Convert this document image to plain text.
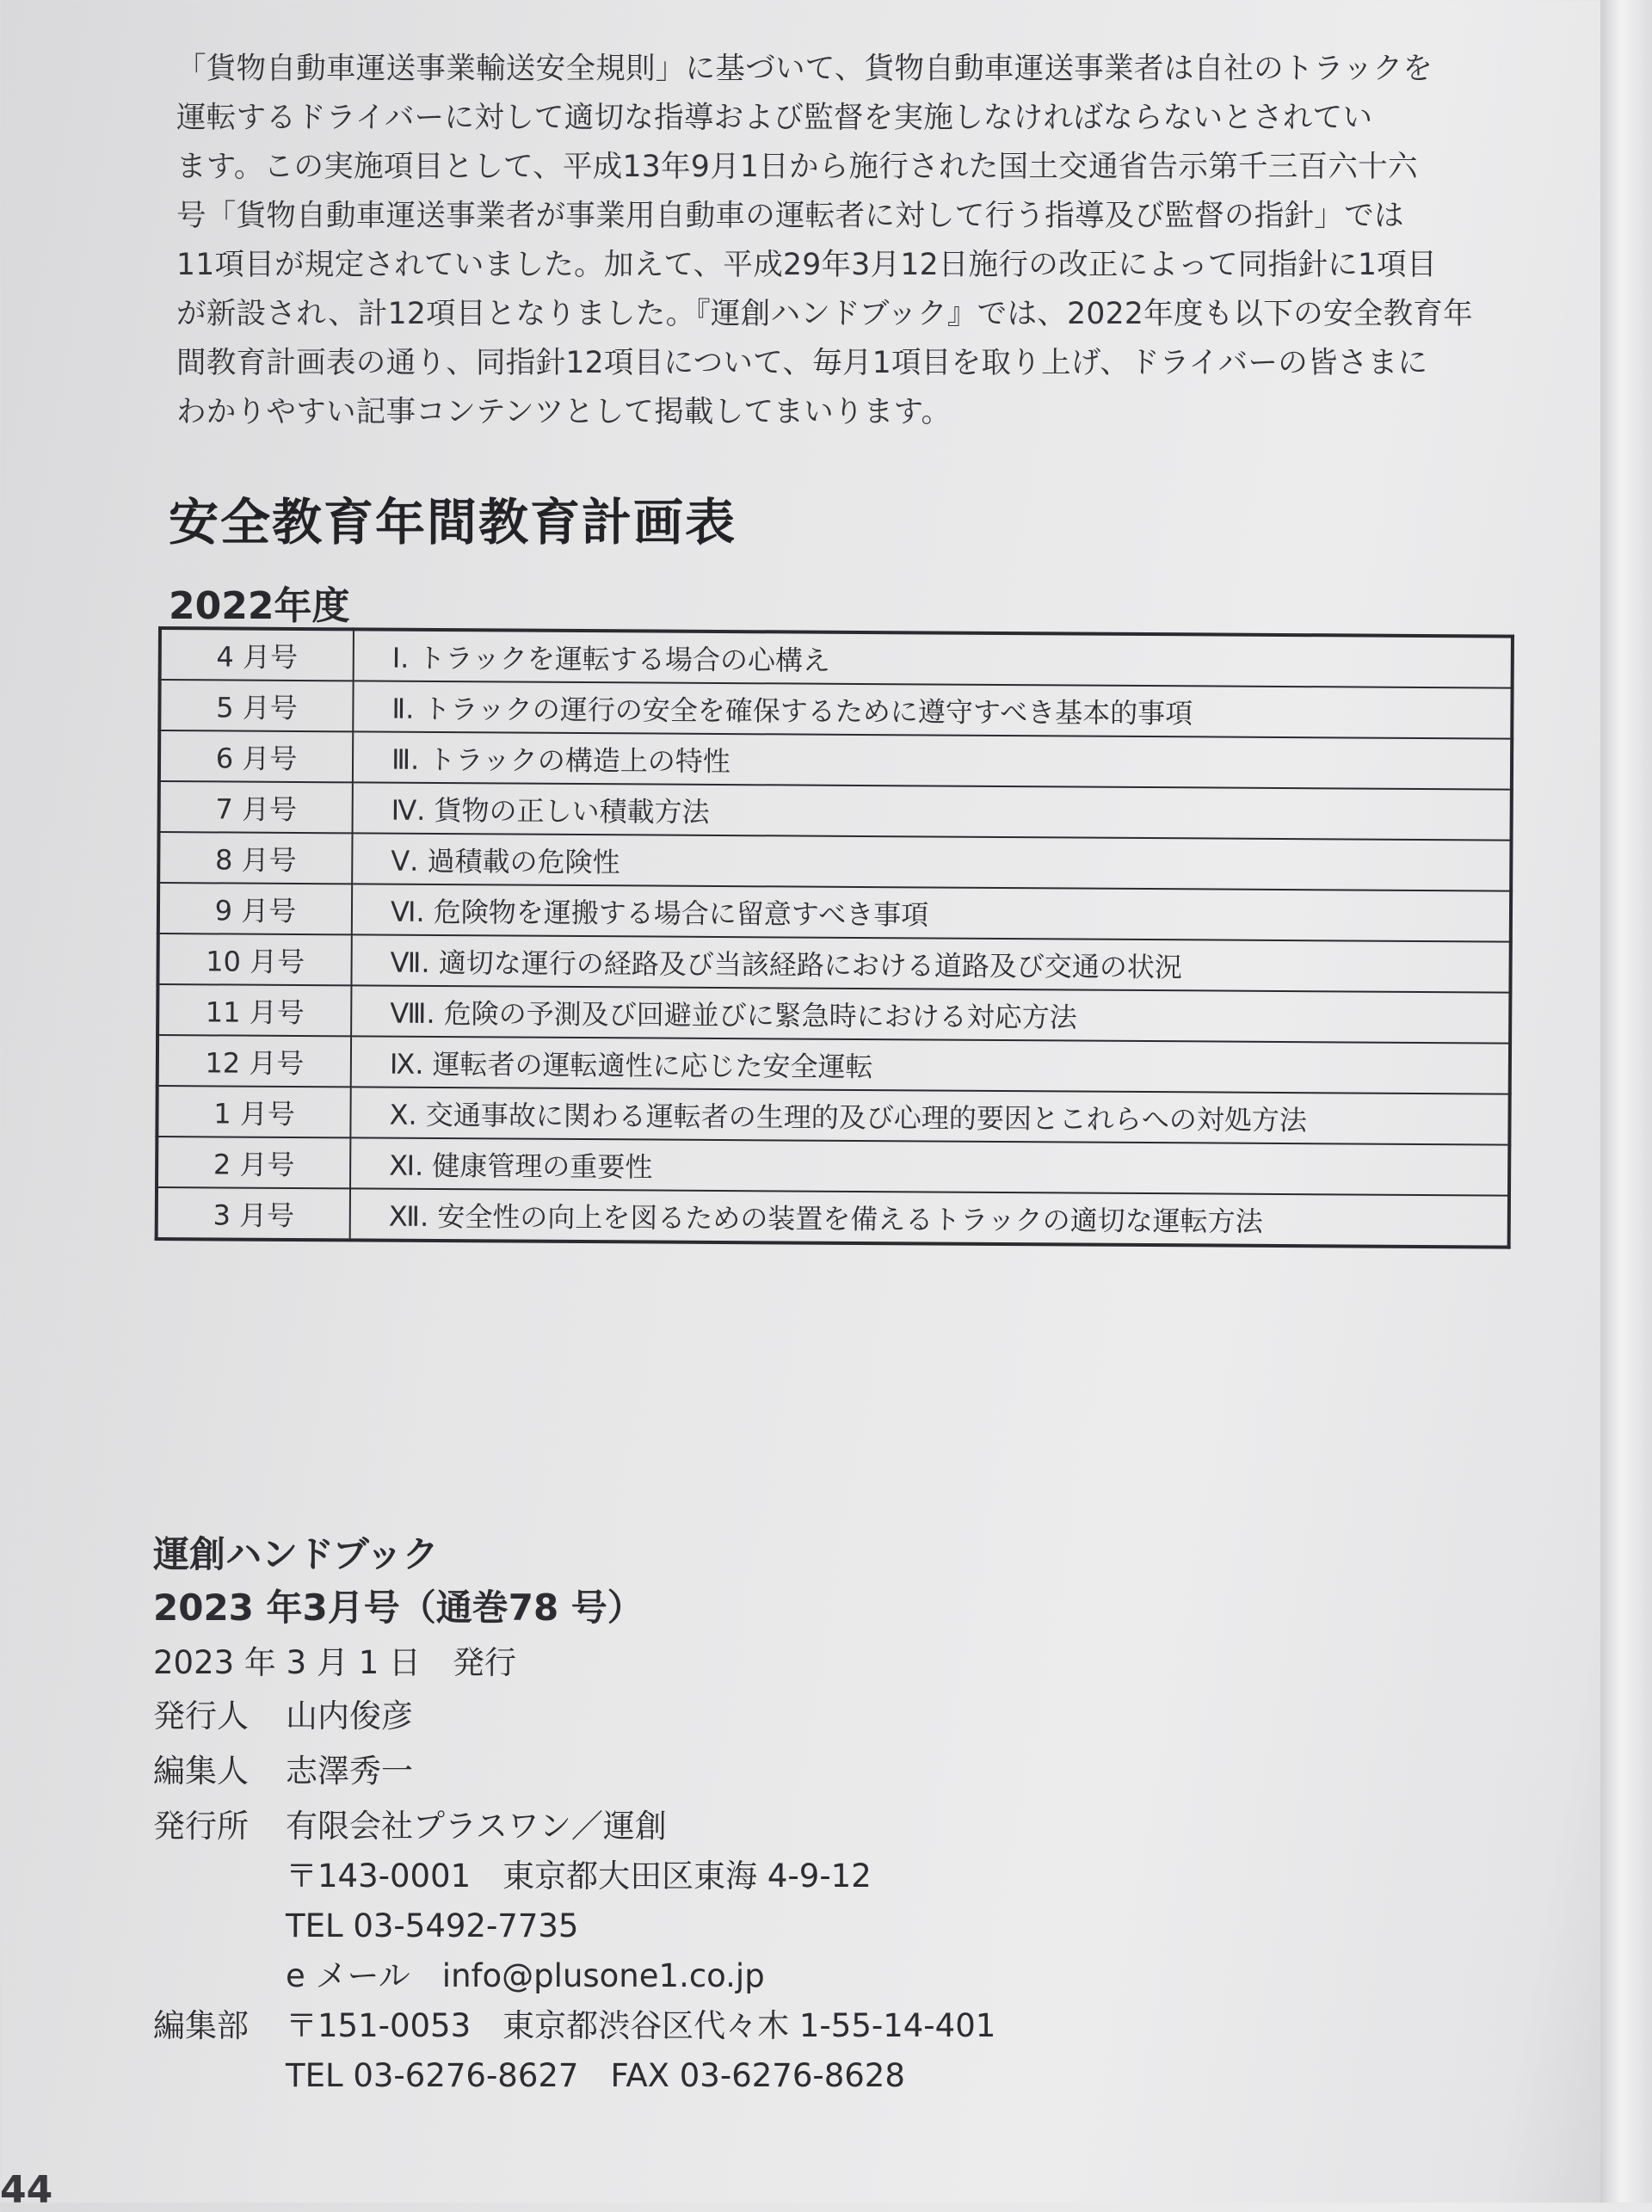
「貨物自動車運送事業輸送安全規則」に基づいて、貨物自動車運送事業者は自社のトラックを
運転するドライバーに対して適切な指導および監督を実施しなければならないとされてい
ます。この実施項目として、平成13年9月1日から施行された国土交通省告示第千三百六十六
号「貨物自動車運送事業者が事業用自動車の運転者に対して行う指導及び監督の指針」では
11項目が規定されていました。加えて、平成29年3月12日施行の改正によって同指針に1項目
が新設され、計12項目となりました。『運創ハンドブック』では、2022年度も以下の安全教育年
間教育計画表の通り、同指針12項目について、毎月1項目を取り上げ、ドライバーの皆さまに
わかりやすい記事コンテンツとして掲載してまいります。
安全教育年間教育計画表
2022年度
4 月号	Ⅰ. トラックを運転する場合の心構え
5 月号	Ⅱ. トラックの運行の安全を確保するために遵守すべき基本的事項
6 月号	Ⅲ. トラックの構造上の特性
7 月号	Ⅳ. 貨物の正しい積載方法
8 月号	Ⅴ. 過積載の危険性
9 月号	Ⅵ. 危険物を運搬する場合に留意すべき事項
10 月号	Ⅶ. 適切な運行の経路及び当該経路における道路及び交通の状況
11 月号	Ⅷ. 危険の予測及び回避並びに緊急時における対応方法
12 月号	Ⅸ. 運転者の運転適性に応じた安全運転
1 月号	Ⅹ. 交通事故に関わる運転者の生理的及び心理的要因とこれらへの対処方法
2 月号	Ⅺ. 健康管理の重要性
3 月号	Ⅻ. 安全性の向上を図るための装置を備えるトラックの適切な運転方法
運創ハンドブック
2023 年3月号（通巻78 号）
2023 年 3 月 1 日　発行
発行人	山内俊彦
編集人	志澤秀一
発行所	有限会社プラスワン／運創
〒143-0001　東京都大田区東海 4-9-12
TEL 03-5492-7735
e メール　info@plusone1.co.jp
編集部	〒151-0053　東京都渋谷区代々木 1-55-14-401
TEL 03-6276-8627　FAX 03-6276-8628
44
